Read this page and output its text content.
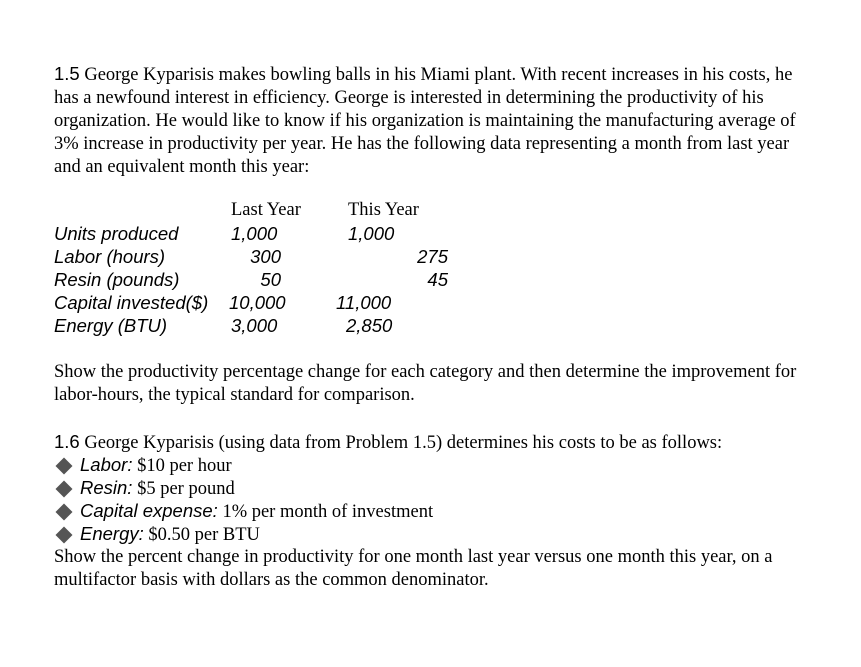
1.5 George Kyparisis makes bowling balls in his Miami plant. With recent increases in his costs, he has a newfound interest in efficiency. George is interested in determining the productivity of his organization. He would like to know if his organization is maintaining the manufacturing average of 3% increase in productivity per year. He has the following data representing a month from last year and an equivalent month this year:
Last Year	This Year
Units produced	1,000	1,000
Labor (hours)	300	275
Resin (pounds)	50	45
Capital invested($) 10,000	11,000
Energy (BTU)	3,000	2,850
Show the productivity percentage change for each category and then determine the improvement for labor-hours, the typical standard for comparison.
1.6 George Kyparisis (using data from Problem 1.5) determines his costs to be as follows:
Labor: $10 per hour
Resin: $5 per pound
Capital expense: 1% per month of investment
Energy: $0.50 per BTU
Show the percent change in productivity for one month last year versus one month this year, on a multifactor basis with dollars as the common denominator.
